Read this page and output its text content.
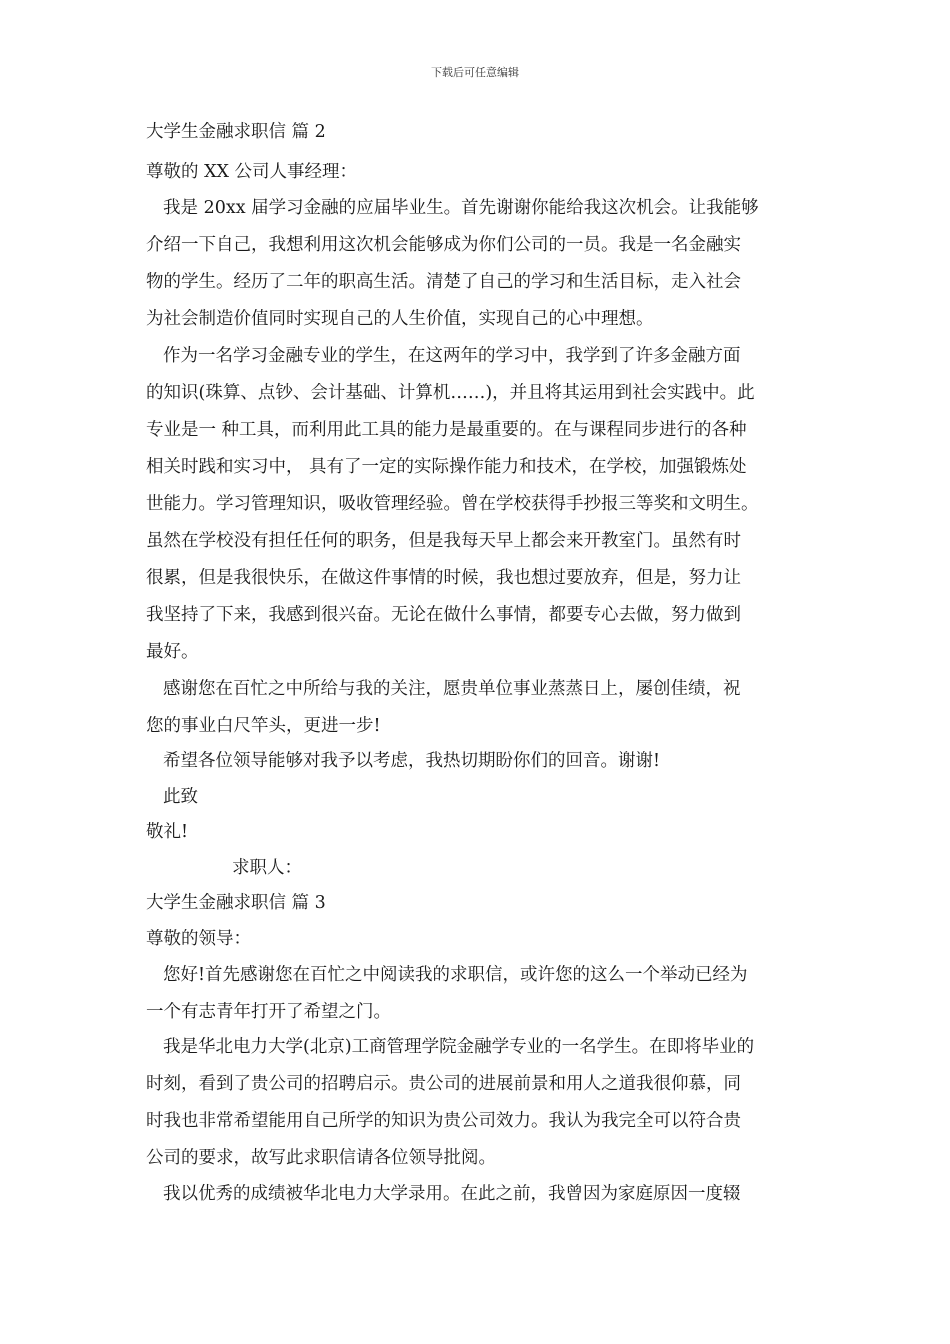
下载后可任意编辑
大学生金融求职信 篇 2
尊敬的 XX 公司人事经理：
我是 20xx 届学习金融的应届毕业生。首先谢谢你能给我这次机会。让我能够
介绍一下自己，我想利用这次机会能够成为你们公司的一员。我是一名金融实
物的学生。经历了二年的职高生活。清楚了自己的学习和生活目标，走入社会
为社会制造价值同时实现自己的人生价值，实现自己的心中理想。
作为一名学习金融专业的学生，在这两年的学习中，我学到了许多金融方面
的知识(珠算、点钞、会计基础、计算机……)，并且将其运用到社会实践中。此
专业是一 种工具，而利用此工具的能力是最重要的。在与课程同步进行的各种
相关时践和实习中， 具有了一定的实际操作能力和技术，在学校，加强锻炼处
世能力。学习管理知识，吸收管理经验。曾在学校获得手抄报三等奖和文明生。
虽然在学校没有担任任何的职务，但是我每天早上都会来开教室门。虽然有时
很累，但是我很快乐，在做这件事情的时候，我也想过要放弃，但是，努力让
我坚持了下来，我感到很兴奋。无论在做什么事情，都要专心去做，努力做到
最好。
感谢您在百忙之中所给与我的关注，愿贵单位事业蒸蒸日上，屡创佳绩，祝
您的事业白尺竿头，更进一步!
希望各位领导能够对我予以考虑，我热切期盼你们的回音。谢谢!
此致
敬礼!
求职人：
大学生金融求职信 篇 3
尊敬的领导：
您好!首先感谢您在百忙之中阅读我的求职信，或许您的这么一个举动已经为
一个有志青年打开了希望之门。
我是华北电力大学(北京)工商管理学院金融学专业的一名学生。在即将毕业的
时刻，看到了贵公司的招聘启示。贵公司的进展前景和用人之道我很仰慕，同
时我也非常希望能用自己所学的知识为贵公司效力。我认为我完全可以符合贵
公司的要求，故写此求职信请各位领导批阅。
我以优秀的成绩被华北电力大学录用。在此之前，我曾因为家庭原因一度辍
